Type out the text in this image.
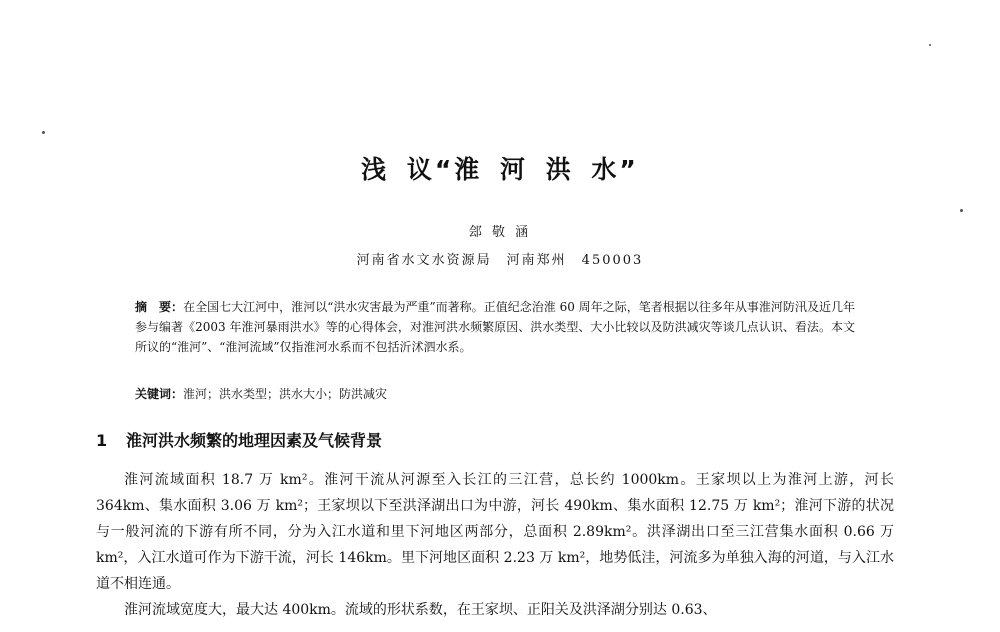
浅 议“淮 河 洪 水”
郐 敬 涵
河南省水文水资源局　河南郑州　450003
摘　要：在全国七大江河中，淮河以“洪水灾害最为严重”而著称。正值纪念治淮 60 周年之际，笔者根据以往多年从事淮河防汛及近几年参与编著《2003 年淮河暴雨洪水》等的心得体会，对淮河洪水频繁原因、洪水类型、大小比较以及防洪减灾等谈几点认识、看法。本文所议的“淮河”、“淮河流域”仅指淮河水系而不包括沂沭泗水系。
关键词：淮河；洪水类型；洪水大小；防洪减灾
1 淮河洪水频繁的地理因素及气候背景

淮河流域面积 18.7 万 km²。淮河干流从河源至入长江的三江营，总长约 1000km。王家坝以上为淮河上游，河长 364km、集水面积 3.06 万 km²；王家坝以下至洪泽湖出口为中游，河长 490km、集水面积 12.75 万 km²；淮河下游的状况与一般河流的下游有所不同，分为入江水道和里下河地区两部分，总面积 2.89km²。洪泽湖出口至三江营集水面积 0.66 万 km²，入江水道可作为下游干流，河长 146km。里下河地区面积 2.23 万 km²，地势低洼，河流多为单独入海的河道，与入江水道不相连通。

淮河流域宽度大，最大达 400km。流域的形状系数，在王家坝、正阳关及洪泽湖分别达 0.63、
